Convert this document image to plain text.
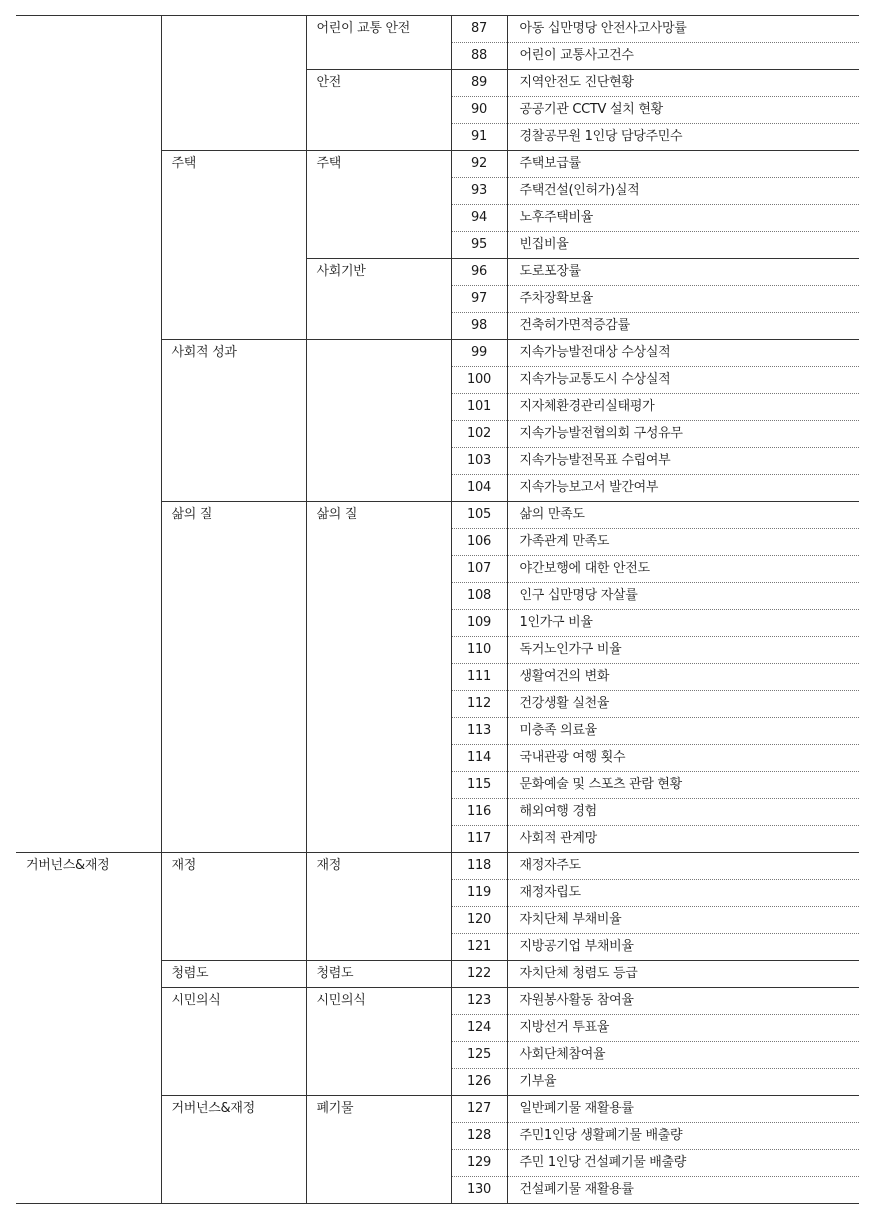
		어린이 교통 안전	87	아동 십만명당 안전사고사망률
			88	어린이 교통사고건수
		안전	89	지역안전도 진단현황
			90	공공기관 CCTV 설치 현황
			91	경찰공무원 1인당 담당주민수
	주택	주택	92	주택보급률
			93	주택건설(인허가)실적
			94	노후주택비율
			95	빈집비율
		사회기반	96	도로포장률
			97	주차장확보율
			98	건축허가면적증감률
	사회적 성과		99	지속가능발전대상 수상실적
			100	지속가능교통도시 수상실적
			101	지자체환경관리실태평가
			102	지속가능발전협의회 구성유무
			103	지속가능발전목표 수립여부
			104	지속가능보고서 발간여부
	삶의 질	삶의 질	105	삶의 만족도
			106	가족관계 만족도
			107	야간보행에 대한 안전도
			108	인구 십만명당 자살률
			109	1인가구 비율
			110	독거노인가구 비율
			111	생활여건의 변화
			112	건강생활 실천율
			113	미충족 의료율
			114	국내관광 여행 횟수
			115	문화예술 및 스포츠 관람 현황
			116	해외여행 경험
			117	사회적 관계망
거버넌스&재정	재정	재정	118	재정자주도
			119	재정자립도
			120	자치단체 부채비율
			121	지방공기업 부채비율
	청렴도	청렴도	122	자치단체 청렴도 등급
	시민의식	시민의식	123	자원봉사활동 참여율
			124	지방선거 투표율
			125	사회단체참여율
			126	기부율
	거버넌스&재정	폐기물	127	일반폐기물 재활용률
			128	주민1인당 생활폐기물 배출량
			129	주민 1인당 건설폐기물 배출량
			130	건설폐기물 재활용률
